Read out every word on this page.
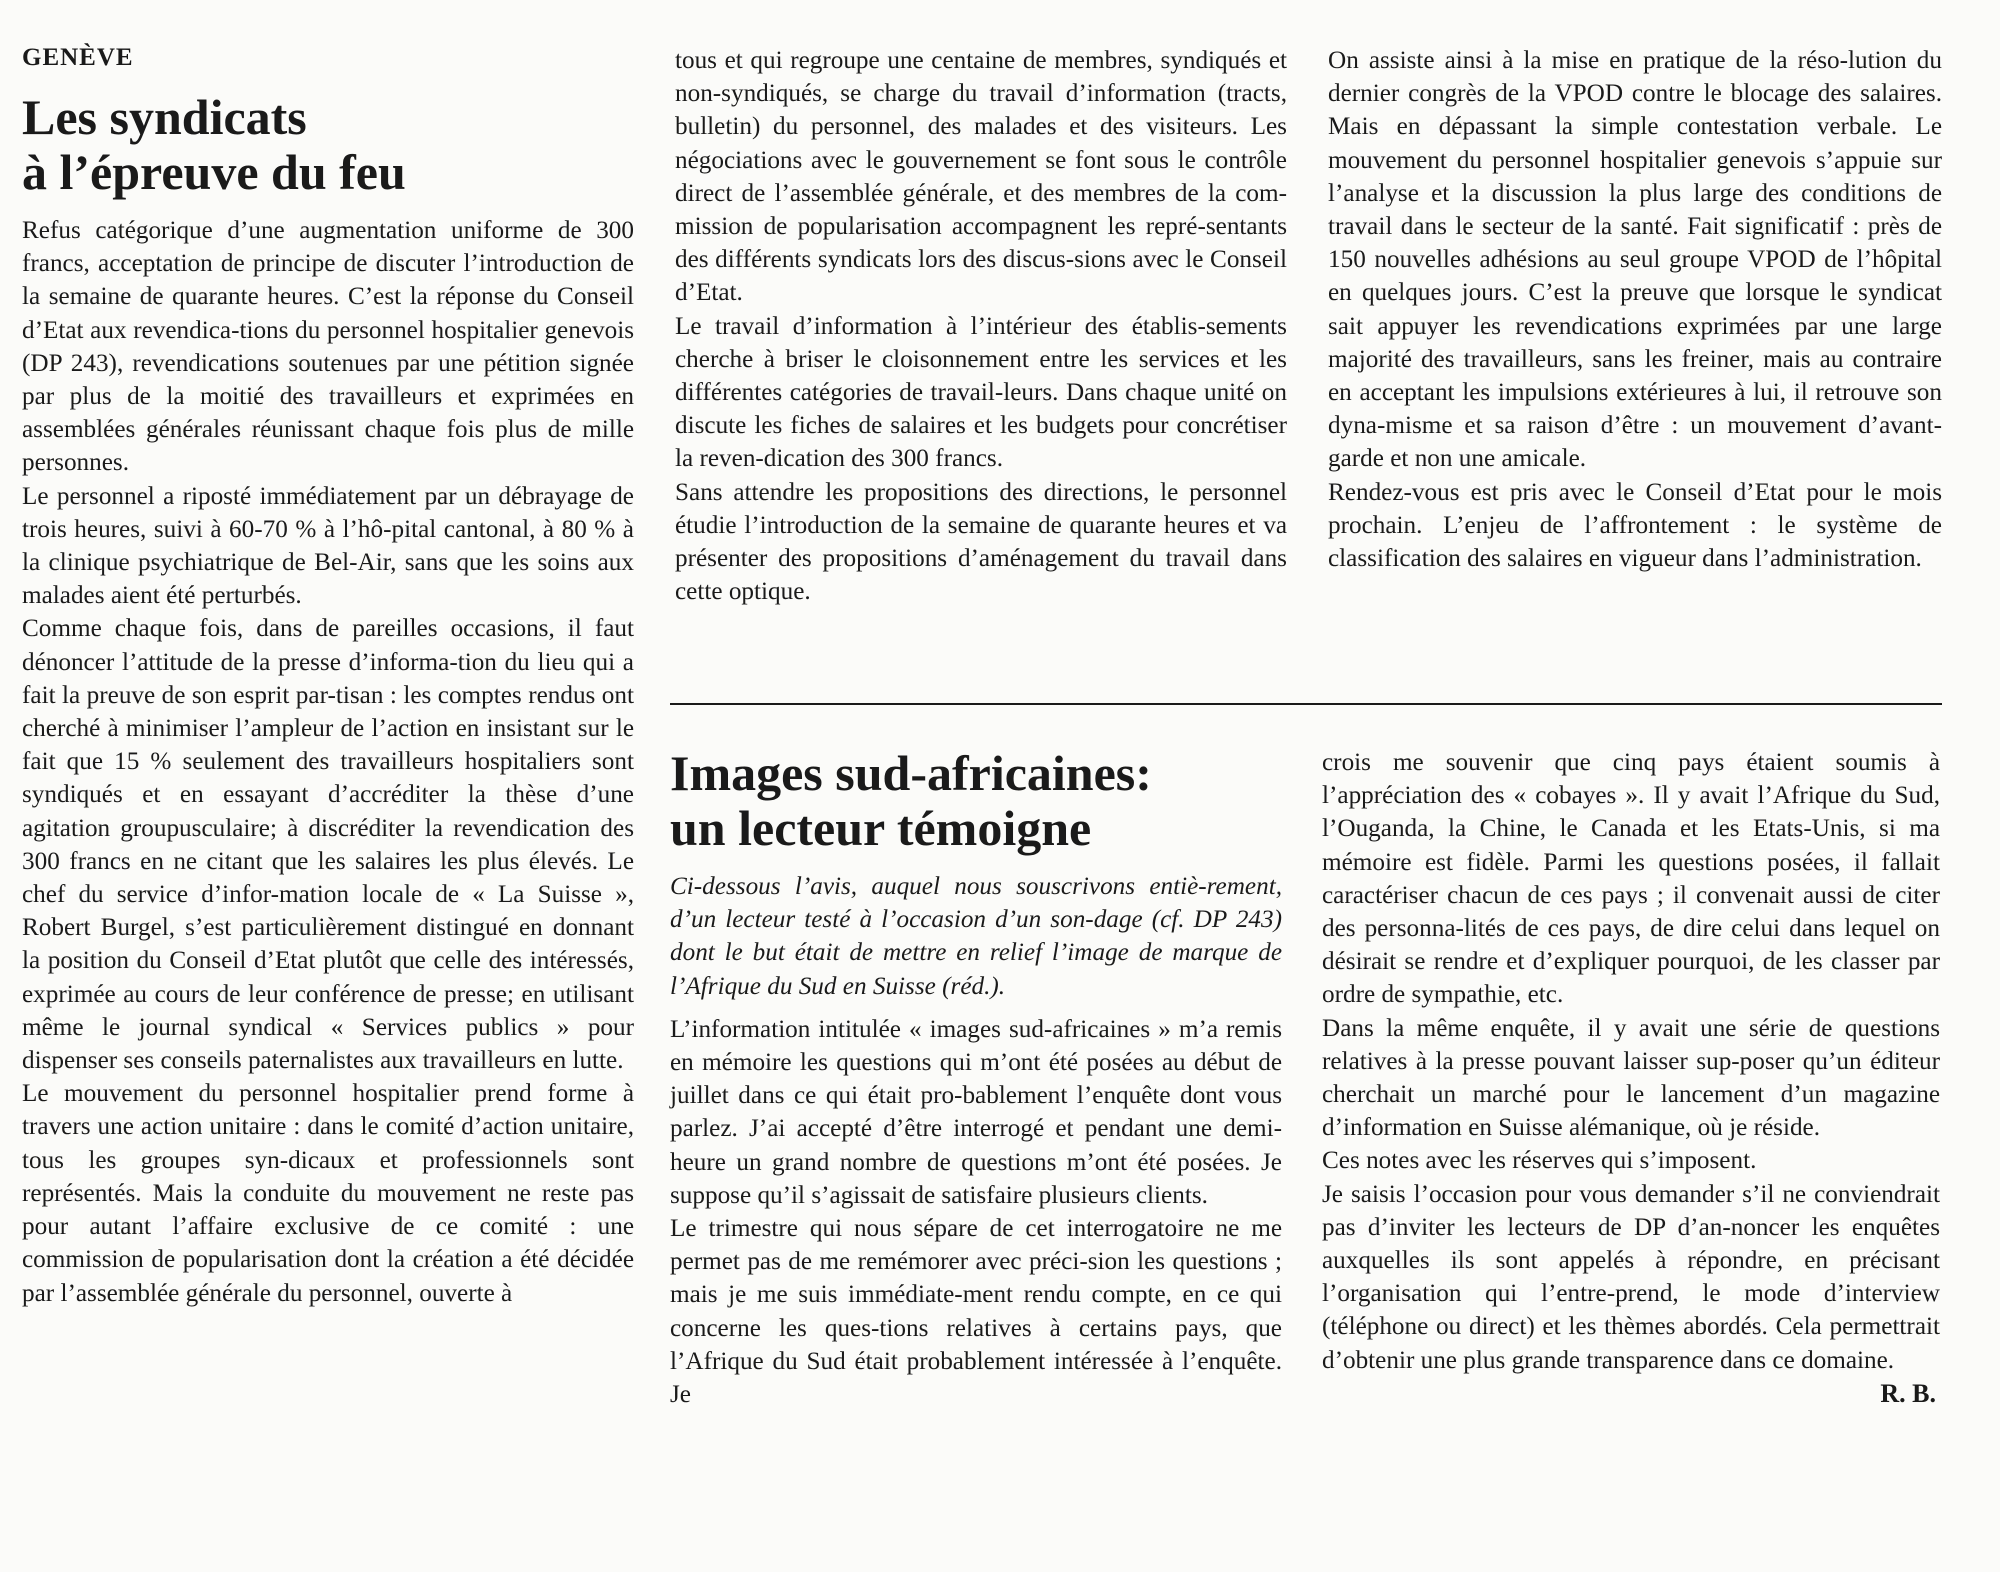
GENÈVE

Les syndicats
à l’épreuve du feu

Refus catégorique d’une augmentation uniforme de 300 francs, acceptation de principe de discuter l’introduction de la semaine de quarante heures. C’est la réponse du Conseil d’Etat aux revendica-tions du personnel hospitalier genevois (DP 243), revendications soutenues par une pétition signée par plus de la moitié des travailleurs et exprimées en assemblées générales réunissant chaque fois plus de mille personnes.

Le personnel a riposté immédiatement par un débrayage de trois heures, suivi à 60-70 % à l’hô-pital cantonal, à 80 % à la clinique psychiatrique de Bel-Air, sans que les soins aux malades aient été perturbés.

Comme chaque fois, dans de pareilles occasions, il faut dénoncer l’attitude de la presse d’informa-tion du lieu qui a fait la preuve de son esprit par-tisan : les comptes rendus ont cherché à minimiser l’ampleur de l’action en insistant sur le fait que 15 % seulement des travailleurs hospitaliers sont syndiqués et en essayant d’accréditer la thèse d’une agitation groupusculaire; à discréditer la revendication des 300 francs en ne citant que les salaires les plus élevés. Le chef du service d’infor-mation locale de « La Suisse », Robert Burgel, s’est particulièrement distingué en donnant la position du Conseil d’Etat plutôt que celle des intéressés, exprimée au cours de leur conférence de presse; en utilisant même le journal syndical « Services publics » pour dispenser ses conseils paternalistes aux travailleurs en lutte.

Le mouvement du personnel hospitalier prend forme à travers une action unitaire : dans le comité d’action unitaire, tous les groupes syn-dicaux et professionnels sont représentés. Mais la conduite du mouvement ne reste pas pour autant l’affaire exclusive de ce comité : une commission de popularisation dont la création a été décidée par l’assemblée générale du personnel, ouverte à

tous et qui regroupe une centaine de membres, syndiqués et non-syndiqués, se charge du travail d’information (tracts, bulletin) du personnel, des malades et des visiteurs. Les négociations avec le gouvernement se font sous le contrôle direct de l’assemblée générale, et des membres de la com-mission de popularisation accompagnent les repré-sentants des différents syndicats lors des discus-sions avec le Conseil d’Etat.

Le travail d’information à l’intérieur des établis-sements cherche à briser le cloisonnement entre les services et les différentes catégories de travail-leurs. Dans chaque unité on discute les fiches de salaires et les budgets pour concrétiser la reven-dication des 300 francs.

Sans attendre les propositions des directions, le personnel étudie l’introduction de la semaine de quarante heures et va présenter des propositions d’aménagement du travail dans cette optique.

On assiste ainsi à la mise en pratique de la réso-lution du dernier congrès de la VPOD contre le blocage des salaires. Mais en dépassant la simple contestation verbale. Le mouvement du personnel hospitalier genevois s’appuie sur l’analyse et la discussion la plus large des conditions de travail dans le secteur de la santé. Fait significatif : près de 150 nouvelles adhésions au seul groupe VPOD de l’hôpital en quelques jours. C’est la preuve que lorsque le syndicat sait appuyer les revendications exprimées par une large majorité des travailleurs, sans les freiner, mais au contraire en acceptant les impulsions extérieures à lui, il retrouve son dyna-misme et sa raison d’être : un mouvement d’avant-garde et non une amicale.

Rendez-vous est pris avec le Conseil d’Etat pour le mois prochain. L’enjeu de l’affrontement : le système de classification des salaires en vigueur dans l’administration.

Images sud-africaines:
un lecteur témoigne

Ci-dessous l’avis, auquel nous souscrivons entiè-rement, d’un lecteur testé à l’occasion d’un son-dage (cf. DP 243) dont le but était de mettre en relief l’image de marque de l’Afrique du Sud en Suisse (réd.).

L’information intitulée « images sud-africaines » m’a remis en mémoire les questions qui m’ont été posées au début de juillet dans ce qui était pro-bablement l’enquête dont vous parlez. J’ai accepté d’être interrogé et pendant une demi-heure un grand nombre de questions m’ont été posées. Je suppose qu’il s’agissait de satisfaire plusieurs clients.

Le trimestre qui nous sépare de cet interrogatoire ne me permet pas de me remémorer avec préci-sion les questions ; mais je me suis immédiate-ment rendu compte, en ce qui concerne les ques-tions relatives à certains pays, que l’Afrique du Sud était probablement intéressée à l’enquête. Je

crois me souvenir que cinq pays étaient soumis à l’appréciation des « cobayes ». Il y avait l’Afrique du Sud, l’Ouganda, la Chine, le Canada et les Etats-Unis, si ma mémoire est fidèle. Parmi les questions posées, il fallait caractériser chacun de ces pays ; il convenait aussi de citer des personna-lités de ces pays, de dire celui dans lequel on désirait se rendre et d’expliquer pourquoi, de les classer par ordre de sympathie, etc.

Dans la même enquête, il y avait une série de questions relatives à la presse pouvant laisser sup-poser qu’un éditeur cherchait un marché pour le lancement d’un magazine d’information en Suisse alémanique, où je réside.

Ces notes avec les réserves qui s’imposent.

Je saisis l’occasion pour vous demander s’il ne conviendrait pas d’inviter les lecteurs de DP d’an-noncer les enquêtes auxquelles ils sont appelés à répondre, en précisant l’organisation qui l’entre-prend, le mode d’interview (téléphone ou direct) et les thèmes abordés. Cela permettrait d’obtenir une plus grande transparence dans ce domaine.

R. B.
